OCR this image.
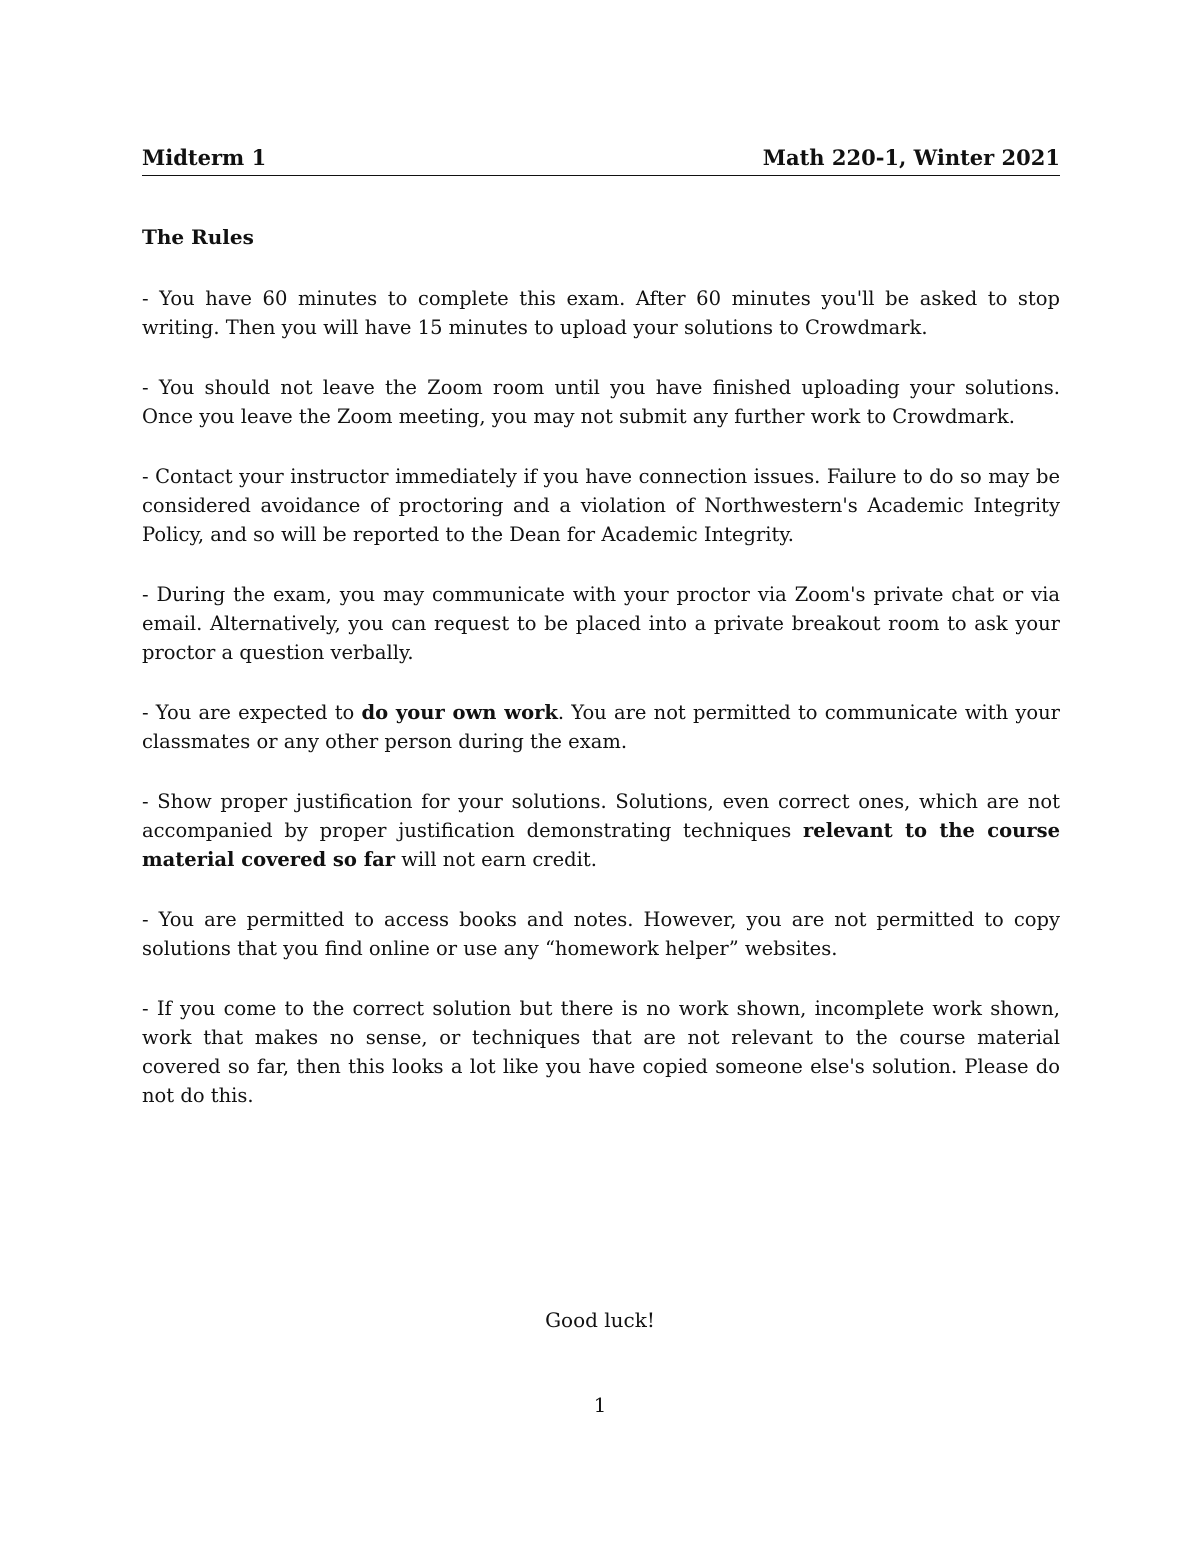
Midterm 1	Math 220-1, Winter 2021
The Rules
- You have 60 minutes to complete this exam. After 60 minutes you'll be asked to stop writing. Then you will have 15 minutes to upload your solutions to Crowdmark.
- You should not leave the Zoom room until you have finished uploading your solutions. Once you leave the Zoom meeting, you may not submit any further work to Crowdmark.
- Contact your instructor immediately if you have connection issues. Failure to do so may be considered avoidance of proctoring and a violation of Northwestern's Academic Integrity Policy, and so will be reported to the Dean for Academic Integrity.
- During the exam, you may communicate with your proctor via Zoom's private chat or via email. Alternatively, you can request to be placed into a private breakout room to ask your proctor a question verbally.
- You are expected to do your own work. You are not permitted to communicate with your classmates or any other person during the exam.
- Show proper justification for your solutions. Solutions, even correct ones, which are not accompanied by proper justification demonstrating techniques relevant to the course material covered so far will not earn credit.
- You are permitted to access books and notes. However, you are not permitted to copy solutions that you find online or use any “homework helper” websites.
- If you come to the correct solution but there is no work shown, incomplete work shown, work that makes no sense, or techniques that are not relevant to the course material covered so far, then this looks a lot like you have copied someone else's solution. Please do not do this.
Good luck!
1
